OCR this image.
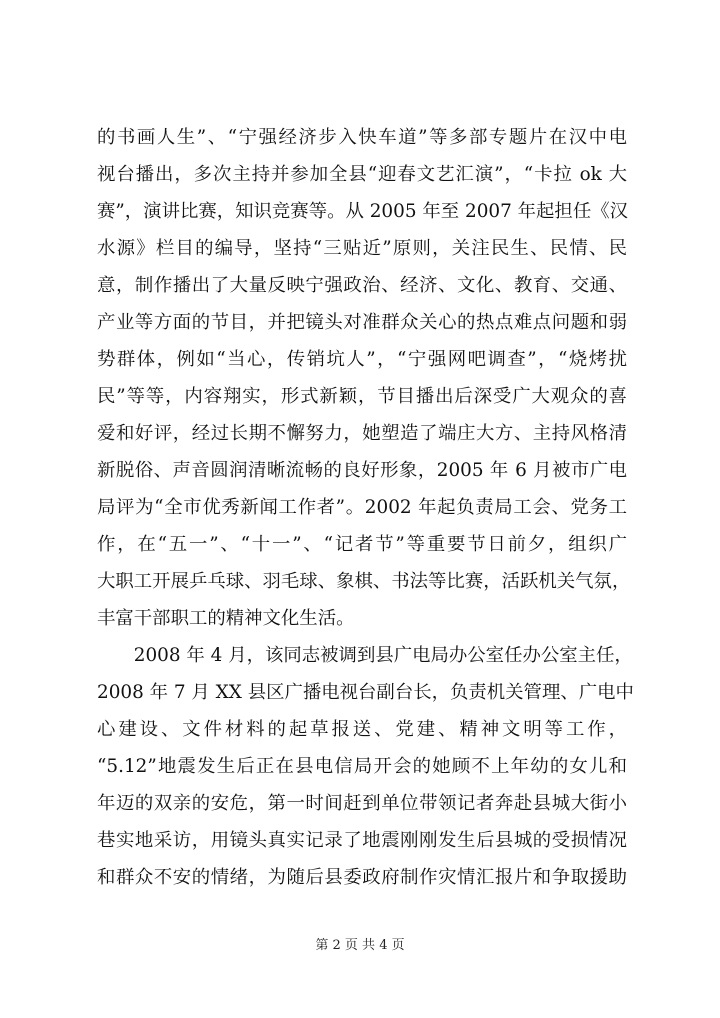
的书画人生”、“宁强经济步入快车道”等多部专题片在汉中电
视台播出，多次主持并参加全县“迎春文艺汇演”，“卡拉 ok 大
赛”，演讲比赛，知识竞赛等。从 2005 年至 2007 年起担任《汉
水源》栏目的编导，坚持“三贴近”原则，关注民生、民情、民
意，制作播出了大量反映宁强政治、经济、文化、教育、交通、
产业等方面的节目，并把镜头对准群众关心的热点难点问题和弱
势群体，例如“当心，传销坑人”，“宁强网吧调查”，“烧烤扰
民”等等，内容翔实，形式新颖，节目播出后深受广大观众的喜
爱和好评，经过长期不懈努力，她塑造了端庄大方、主持风格清
新脱俗、声音圆润清晰流畅的良好形象，2005 年 6 月被市广电
局评为“全市优秀新闻工作者”。2002 年起负责局工会、党务工
作，在“五一”、“十一”、“记者节”等重要节日前夕，组织广
大职工开展乒乓球、羽毛球、象棋、书法等比赛，活跃机关气氛，
丰富干部职工的精神文化生活。
　　2008 年 4 月，该同志被调到县广电局办公室任办公室主任，
2008 年 7 月 XX 县区广播电视台副台长，负责机关管理、广电中
心建设、文件材料的起草报送、党建、精神文明等工作，
“5.12”地震发生后正在县电信局开会的她顾不上年幼的女儿和
年迈的双亲的安危，第一时间赶到单位带领记者奔赴县城大街小
巷实地采访，用镜头真实记录了地震刚刚发生后县城的受损情况
和群众不安的情绪，为随后县委政府制作灾情汇报片和争取援助
第 2 页 共 4 页
